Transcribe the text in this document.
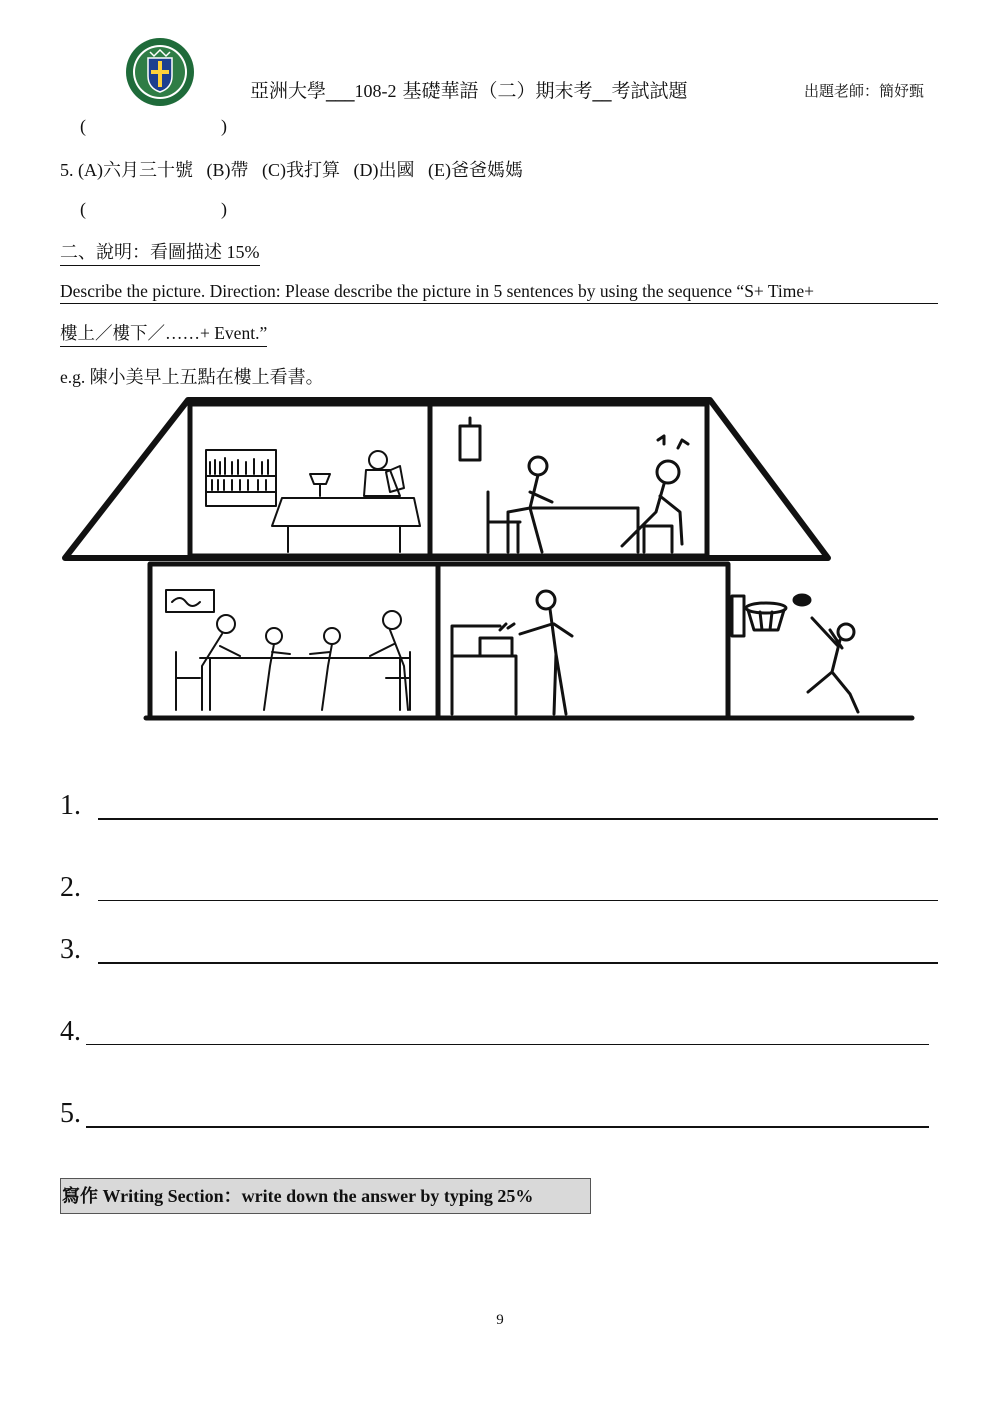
亞洲大學___108-2 基礎華語（二）期末考__考試試題	出題老師：簡妤甄
(                              )
5. (A)六月三十號   (B)帶   (C)我打算   (D)出國   (E)爸爸媽媽
(                              )
二、說明：看圖描述 15%
Describe the picture. Direction: Please describe the picture in 5 sentences by using the sequence “S+ Time+
樓上／樓下／……+ Event.”
e.g. 陳小美早上五點在樓上看書。
1.
2.
3.
4.
5.
寫作 Writing Section：write down the answer by typing 25%
9
